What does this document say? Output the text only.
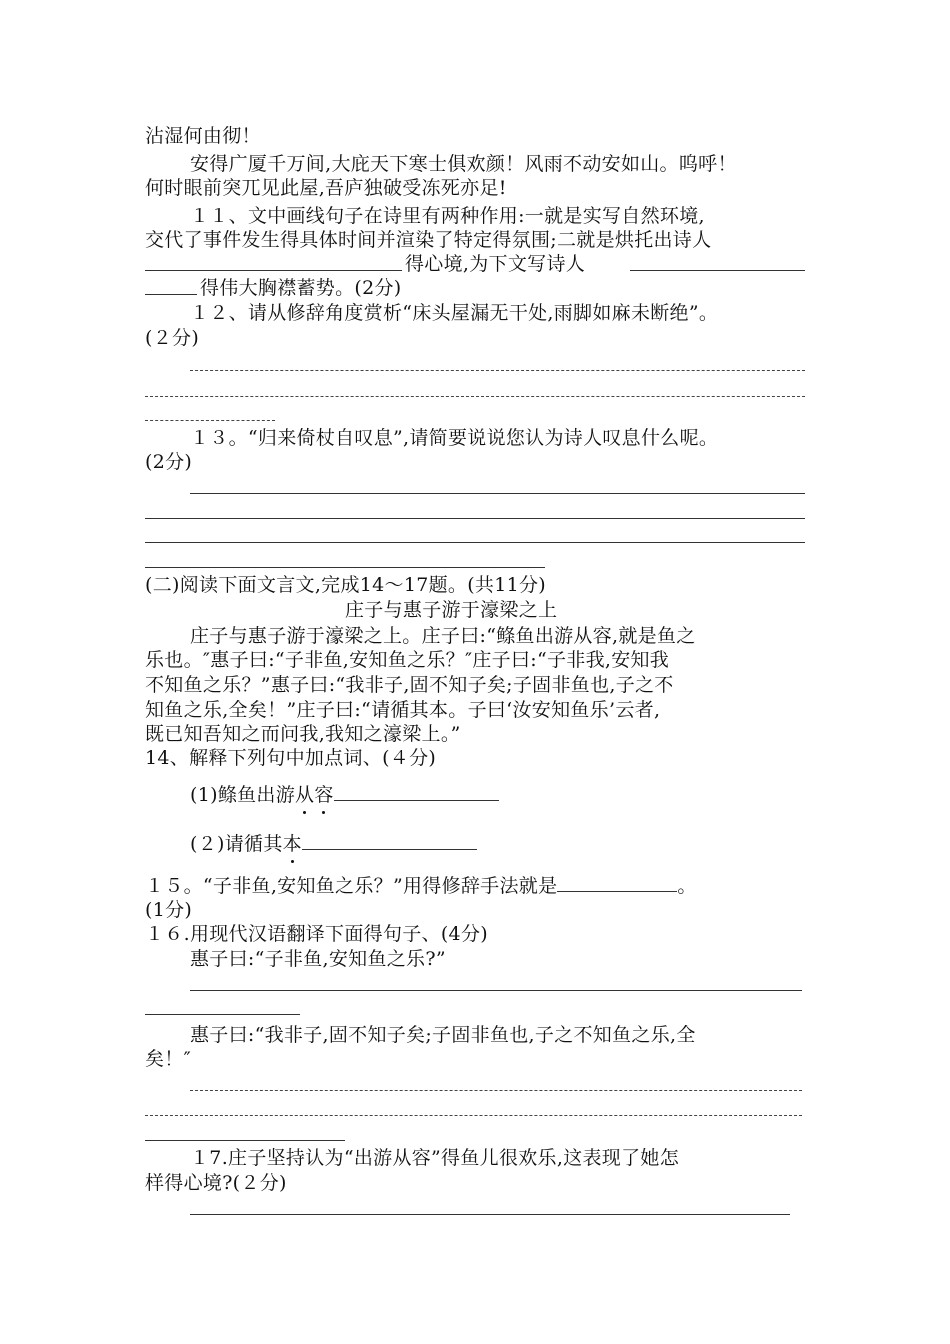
沾湿何由彻！
安得广厦千万间,大庇天下寒士俱欢颜！风雨不动安如山。呜呼！
何时眼前突兀见此屋,吾庐独破受冻死亦足!
１１、文中画线句子在诗里有两种作用:一就是实写自然环境,
交代了事件发生得具体时间并渲染了特定得氛围;二就是烘托出诗人
得心境,为下文写诗人
得伟大胸襟蓄势。(2分)
１２、请从修辞角度赏析“床头屋漏无干处,雨脚如麻未断绝”。
(２分)
１３。“归来倚杖自叹息”,请简要说说您认为诗人叹息什么呢。
(2分)
(二)阅读下面文言文,完成14～17题。(共11分)
庄子与惠子游于濠梁之上
庄子与惠子游于濠梁之上。庄子曰:“鲦鱼出游从容,就是鱼之
乐也。″惠子曰:“子非鱼,安知鱼之乐？″庄子曰:“子非我,安知我
不知鱼之乐？”惠子曰:“我非子,固不知子矣;子固非鱼也,子之不
知鱼之乐,全矣！”庄子曰:“请循其本。子曰‘汝安知鱼乐’云者,
既已知吾知之而问我,我知之濠梁上。”
14、解释下列句中加点词、(４分)
(1)鲦鱼出游从容
(２)请循其本
１５。“子非鱼,安知鱼之乐？”用得修辞手法就是	。
(1分)
１６.用现代汉语翻译下面得句子、(4分)
惠子曰:“子非鱼,安知鱼之乐?”
惠子曰:“我非子,固不知子矣;子固非鱼也,子之不知鱼之乐,全
矣！″
１7.庄子坚持认为“出游从容”得鱼儿很欢乐,这表现了她怎
样得心境?(２分)
